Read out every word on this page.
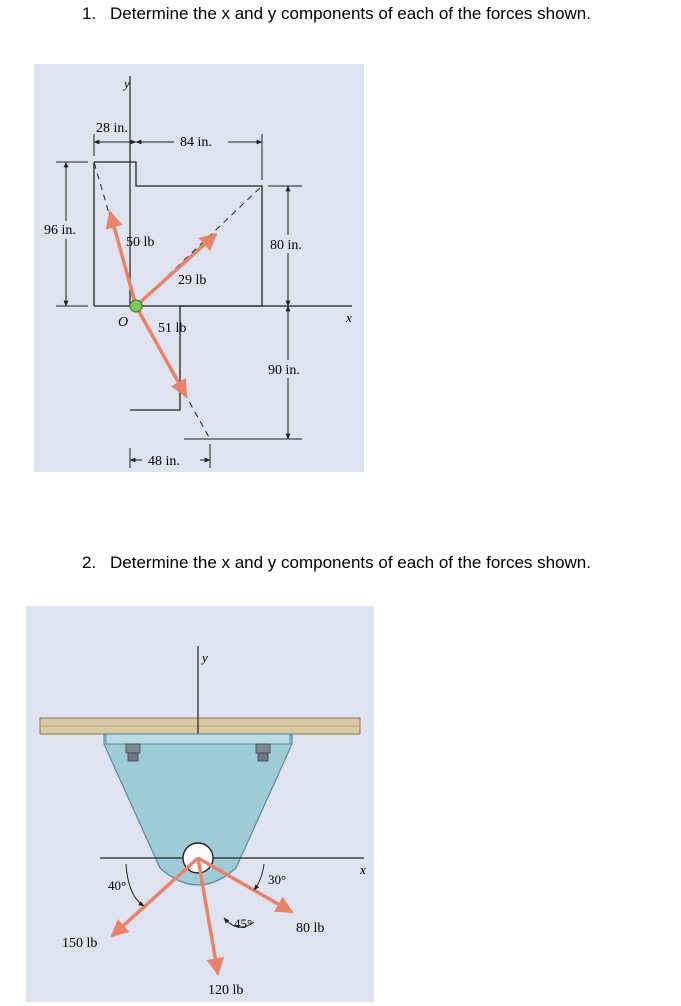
1. Determine the x and y components of each of the forces shown.
y
x
O
50 lb
29 lb
51 lb
28 in.
84 in.
96 in.
80 in.
90 in.
48 in.
2. Determine the x and y components of each of the forces shown.
y
x
40°
45°
30°
150 lb
120 lb
80 lb
